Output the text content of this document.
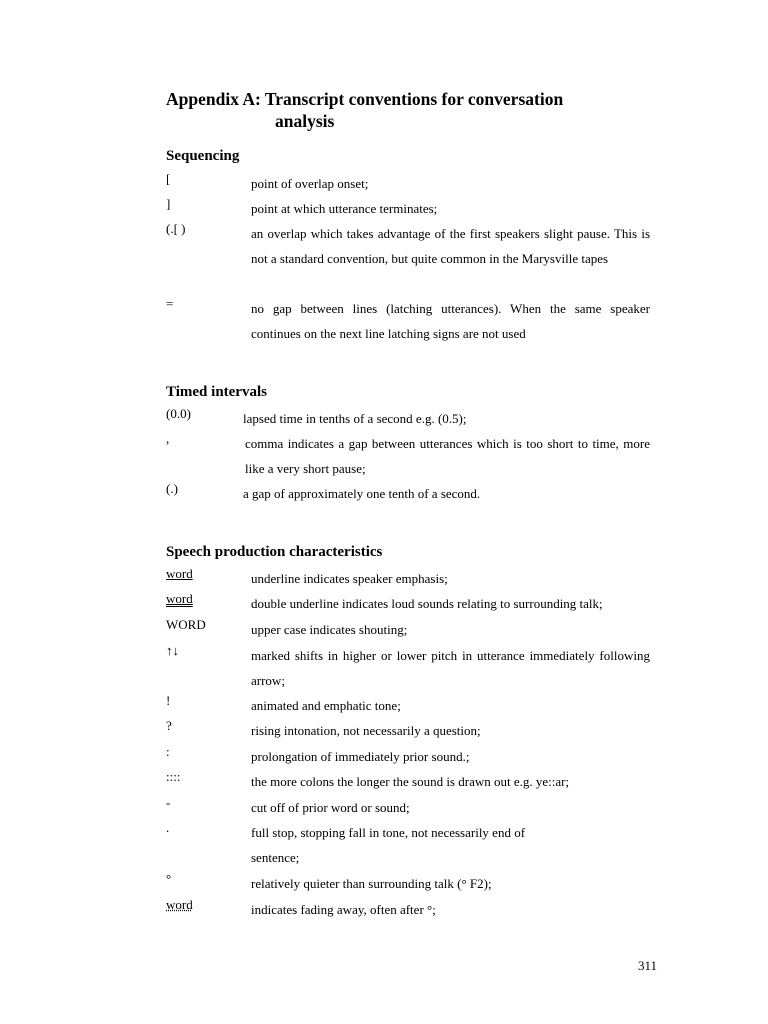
Appendix A: Transcript conventions for conversation
analysis
Sequencing
[	point of overlap onset;
]	point at which utterance terminates;
(.[ )	an overlap which takes advantage of the first speakers slight pause. This is not a standard convention, but quite common in the Marysville tapes
=	no gap between lines (latching utterances). When the same speaker continues on the next line latching signs are not used
Timed intervals
(0.0)	lapsed time in tenths of a second e.g. (0.5);
,	comma indicates a gap between utterances which is too short to time, more like a very short pause;
(.)	a gap of approximately one tenth of a second.
Speech production characteristics
word	underline indicates speaker emphasis;
word	double underline indicates loud sounds relating to surrounding talk;
WORD	upper case indicates shouting;
↑↓	marked shifts in higher or lower pitch in utterance immediately following arrow;
!	animated and emphatic tone;
?	rising intonation, not necessarily a question;
:	prolongation of immediately prior sound.;
::::	the more colons the longer the sound is drawn out e.g. ye::ar;
-	cut off of prior word or sound;
.	full stop, stopping fall in tone, not necessarily end of
sentence;
°	relatively quieter than surrounding talk (° F2);
word	indicates fading away, often after °;
311
